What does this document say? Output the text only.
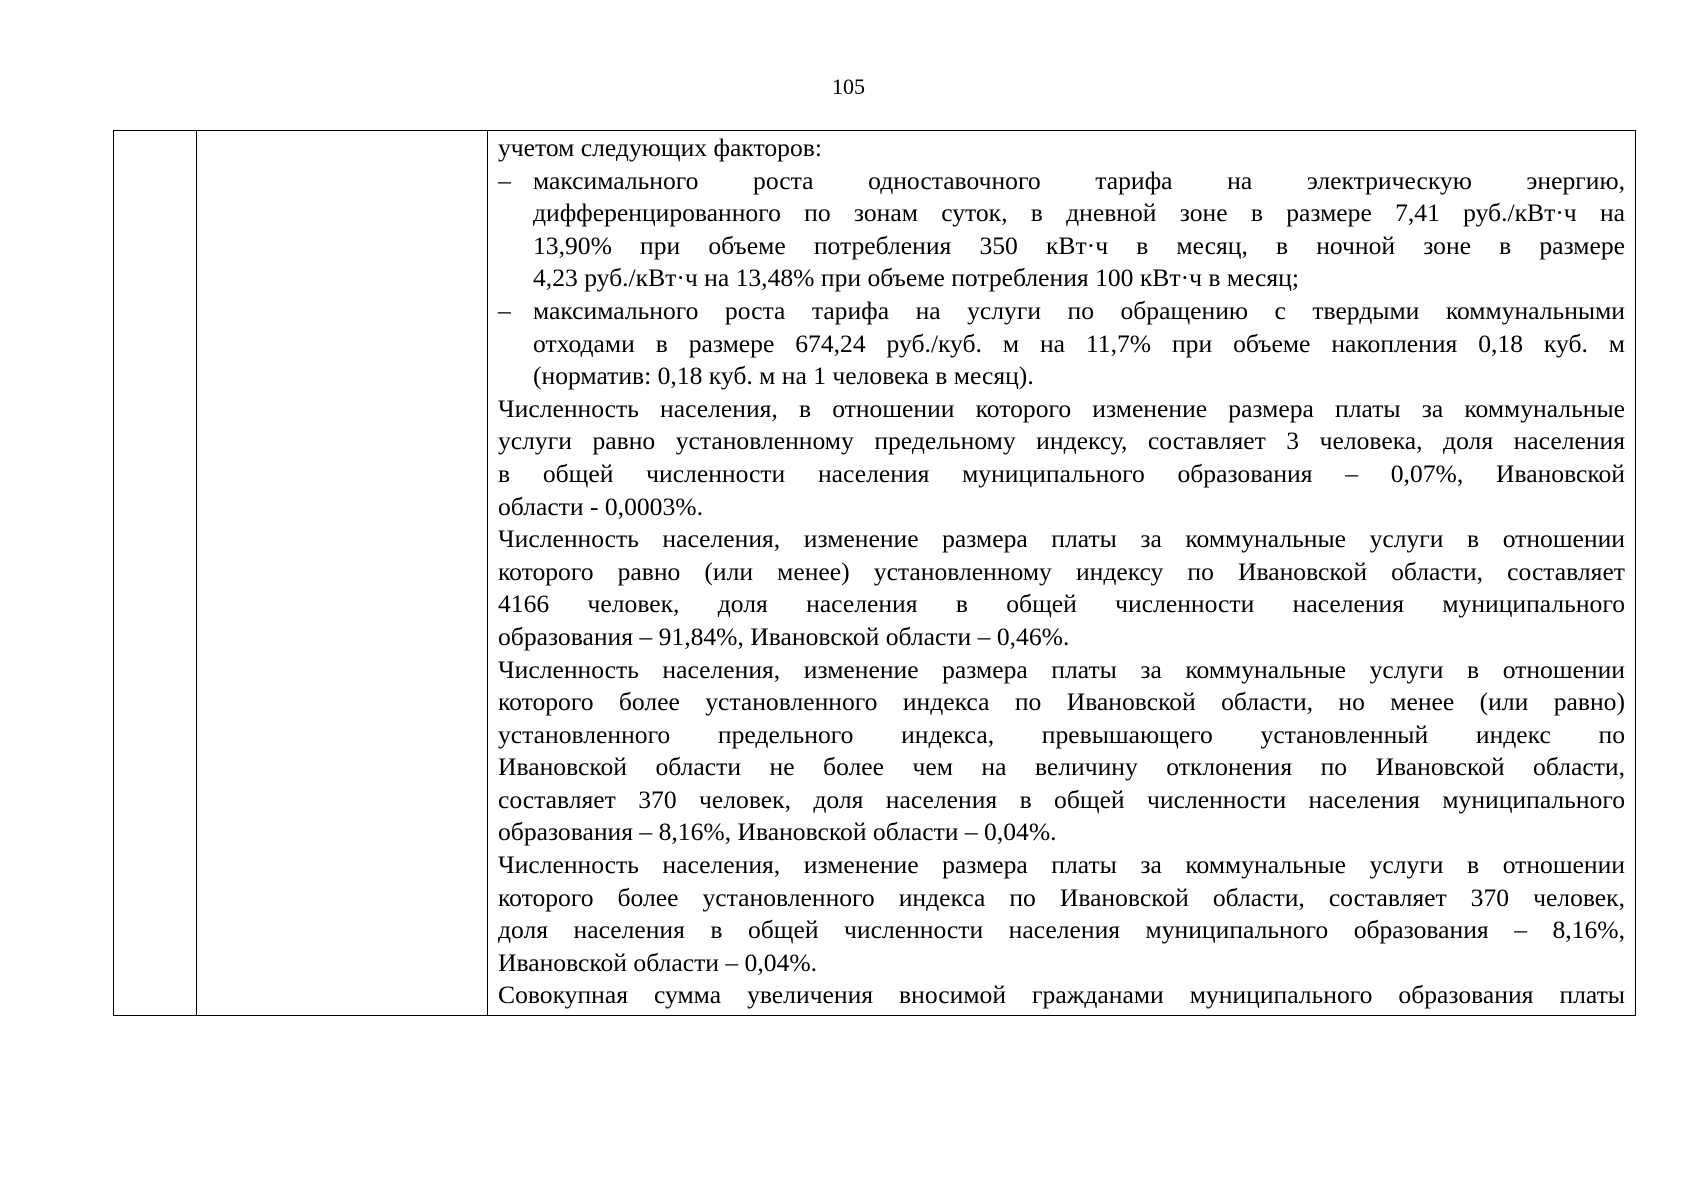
105

учетом следующих факторов:
– максимального роста одноставочного тарифа на электрическую энергию,
дифференцированного по зонам суток, в дневной зоне в размере 7,41 руб./кВт·ч на
13,90% при объеме потребления 350 кВт·ч в месяц, в ночной зоне в размере
4,23 руб./кВт·ч на 13,48% при объеме потребления 100 кВт·ч в месяц;
– максимального роста тарифа на услуги по обращению с твердыми коммунальными
отходами в размере 674,24 руб./куб. м на 11,7% при объеме накопления 0,18 куб. м
(норматив: 0,18 куб. м на 1 человека в месяц).
Численность населения, в отношении которого изменение размера платы за коммунальные
услуги равно установленному предельному индексу, составляет 3 человека, доля населения
в общей численности населения муниципального образования – 0,07%, Ивановской
области - 0,0003%.
Численность населения, изменение размера платы за коммунальные услуги в отношении
которого равно (или менее) установленному индексу по Ивановской области, составляет
4166 человек, доля населения в общей численности населения муниципального
образования – 91,84%, Ивановской области – 0,46%.
Численность населения, изменение размера платы за коммунальные услуги в отношении
которого более установленного индекса по Ивановской области, но менее (или равно)
установленного предельного индекса, превышающего установленный индекс по
Ивановской области не более чем на величину отклонения по Ивановской области,
составляет 370 человек, доля населения в общей численности населения муниципального
образования – 8,16%, Ивановской области – 0,04%.
Численность населения, изменение размера платы за коммунальные услуги в отношении
которого более установленного индекса по Ивановской области, составляет 370 человек,
доля населения в общей численности населения муниципального образования – 8,16%,
Ивановской области – 0,04%.
Совокупная сумма увеличения вносимой гражданами муниципального образования платы
